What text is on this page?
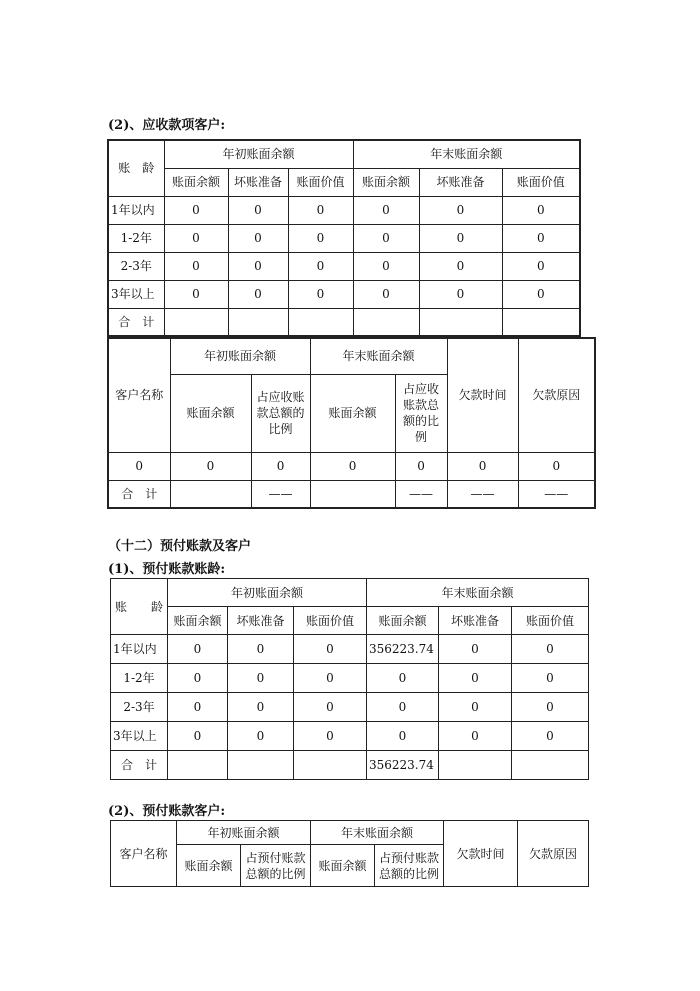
(2)、应收款项客户:
账　龄	年初账面余额			年末账面余额		
	账面余额	坏账准备	账面价值	账面余额	坏账准备	账面价值
1年以内	0	0	0	0	0	0
1-2年	0	0	0	0	0	0
2-3年	0	0	0	0	0	0
3年以上	0	0	0	0	0	0
合　计						
客户名称	年初账面余额		年末账面余额		欠款时间	欠款原因
	账面余额	占应收账款总额的比例	账面余额	占应收账款总额的比例		
0	0	0	0	0	0	0
合　计		——		——	——	——
（十二）预付账款及客户
(1)、预付账款账龄:
账　　龄	年初账面余额			年末账面余额		
	账面余额	坏账准备	账面价值	账面余额	坏账准备	账面价值
1年以内	0	0	0	356223.74	0	0
1-2年	0	0	0	0	0	0
2-3年	0	0	0	0	0	0
3年以上	0	0	0	0	0	0
合　计				356223.74		
(2)、预付账款客户:
客户名称	年初账面余额		年末账面余额		欠款时间	欠款原因
	账面余额	占预付账款总额的比例	账面余额	占预付账款总额的比例		
